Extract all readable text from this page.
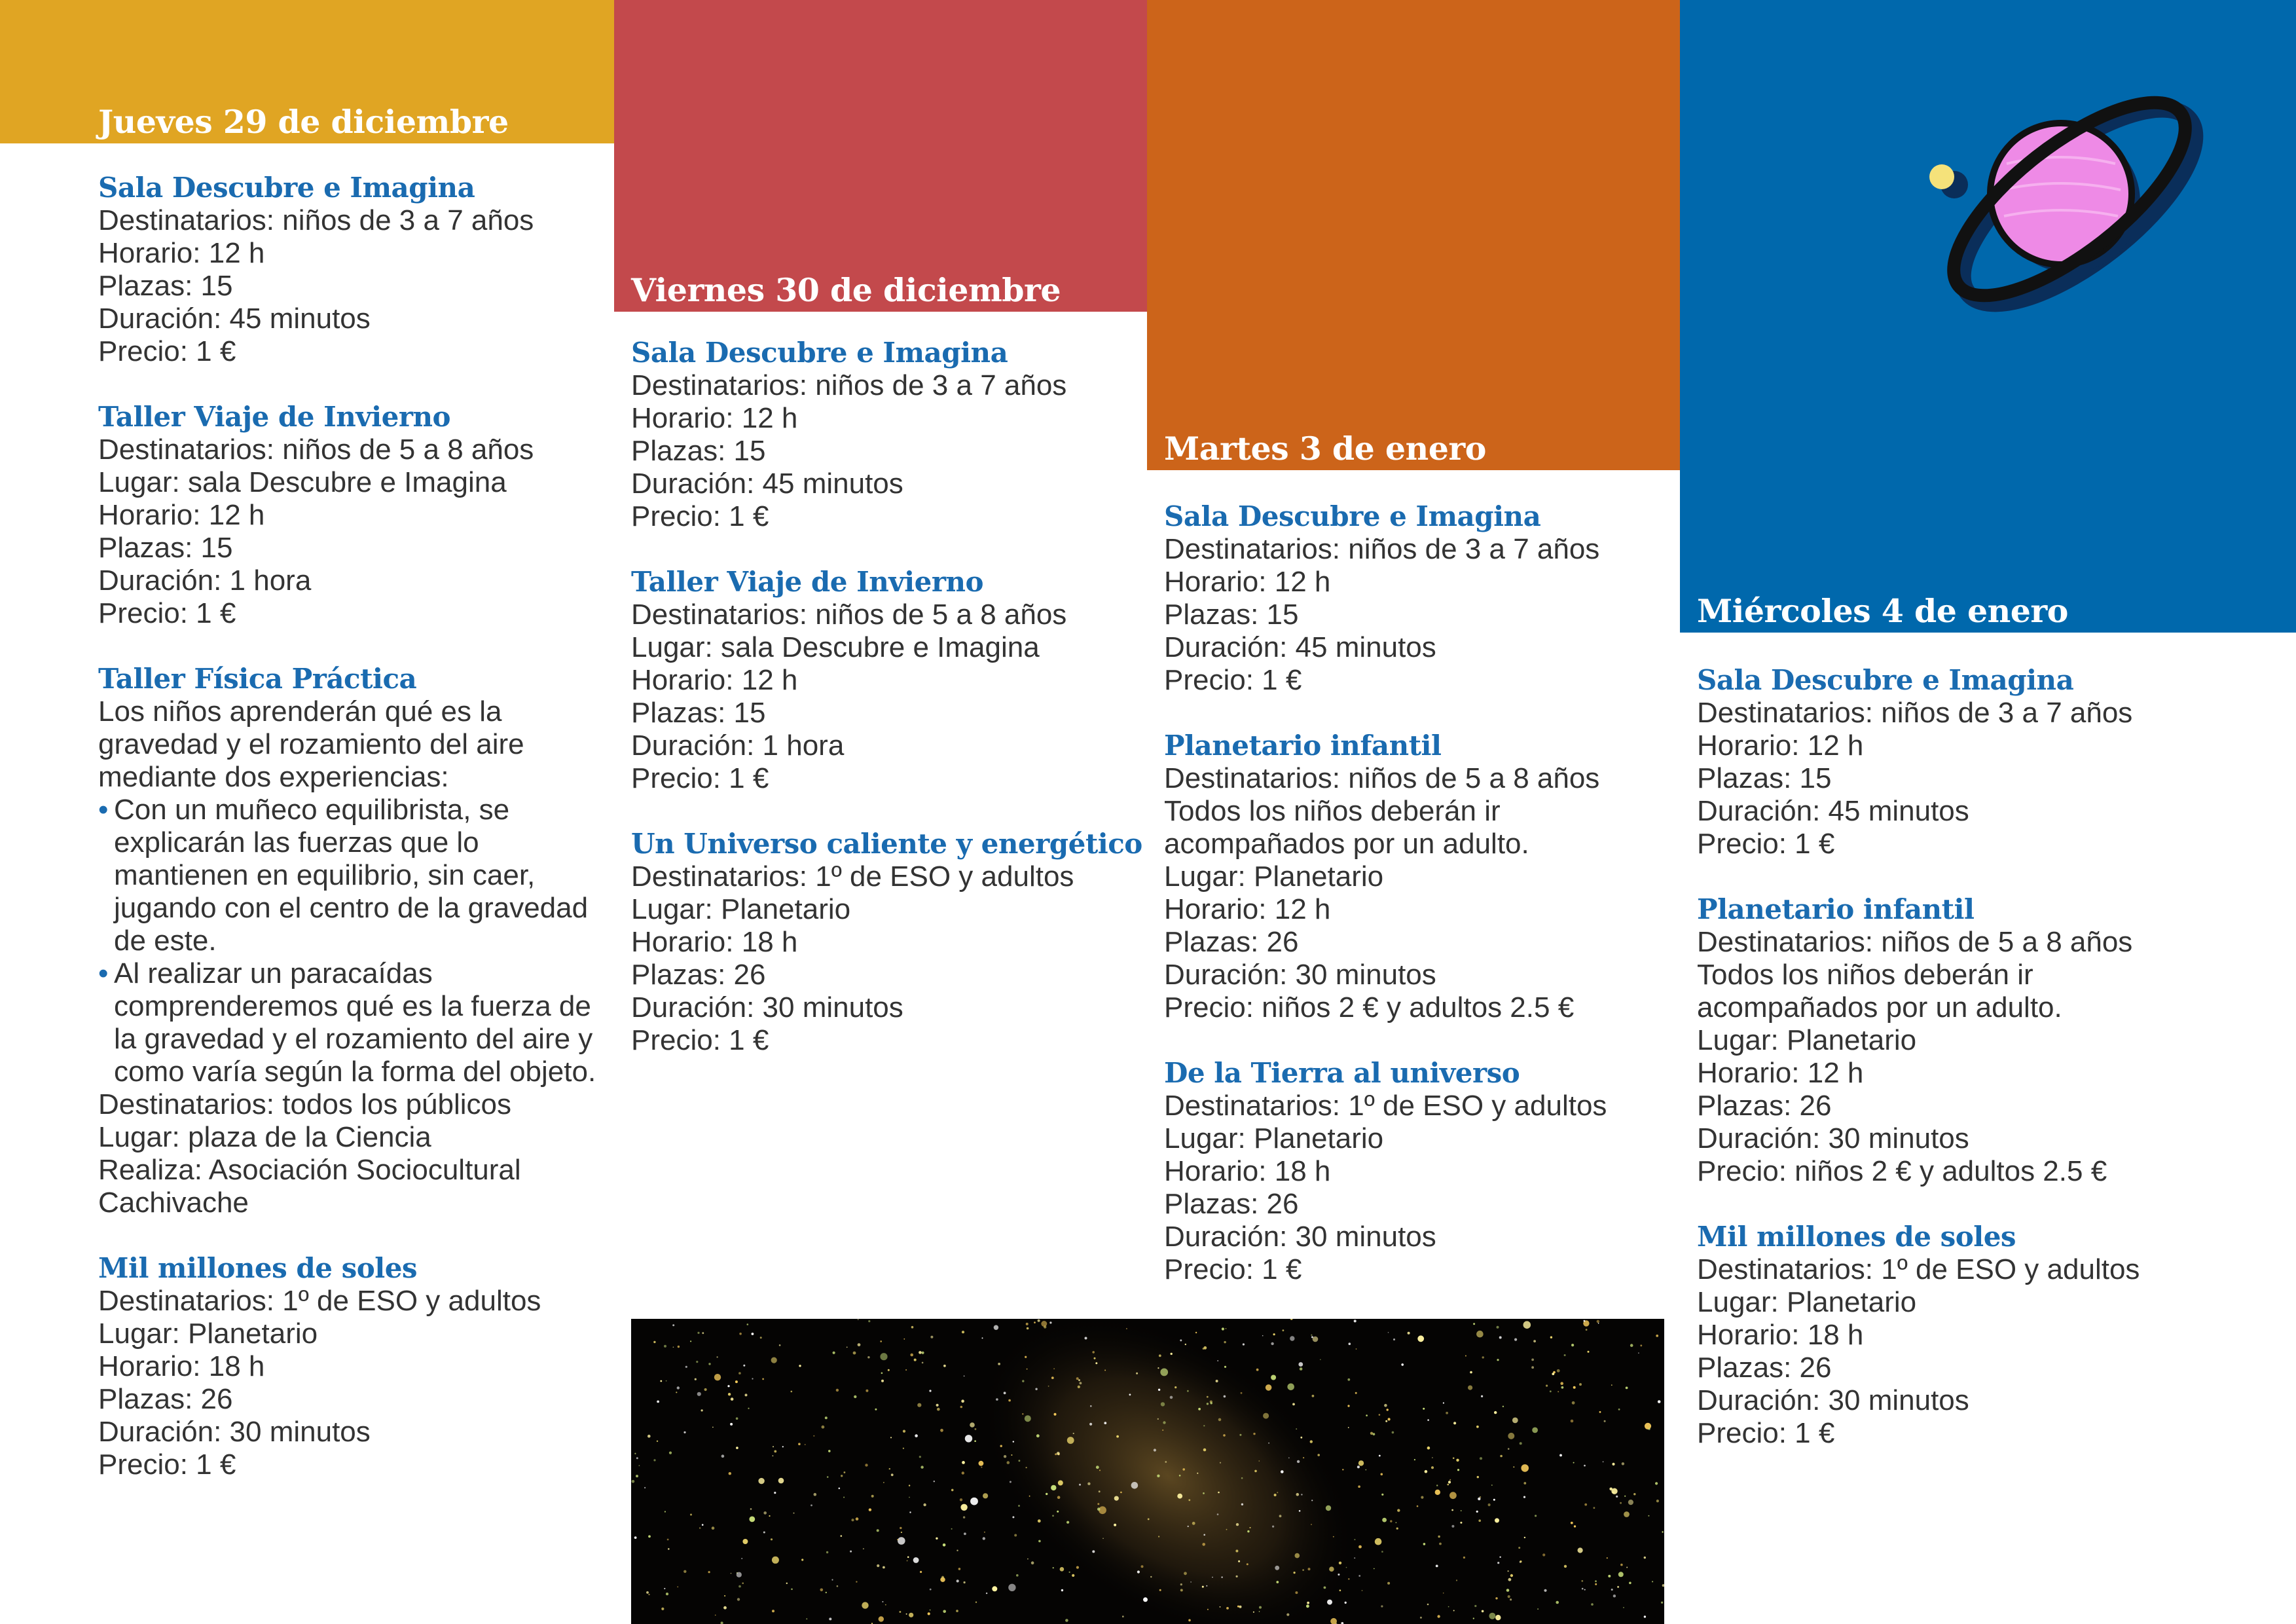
Jueves 29 de diciembre
Sala Descubre e Imagina
Destinatarios: niños de 3 a 7 años
Horario: 12 h
Plazas: 15
Duración: 45 minutos
Precio: 1 €
Taller Viaje de Invierno
Destinatarios: niños de 5 a 8 años
Lugar: sala Descubre e Imagina
Horario: 12 h
Plazas: 15
Duración: 1 hora
Precio: 1 €
Taller Física Práctica
Los niños aprenderán qué es la gravedad y el rozamiento del aire mediante dos experiencias:
• Con un muñeco equilibrista, se explicarán las fuerzas que lo mantienen en equilibrio, sin caer, jugando con el centro de la gravedad de este.
• Al realizar un paracaídas comprenderemos qué es la fuerza de la gravedad y el rozamiento del aire y como varía según la forma del objeto.
Destinatarios: todos los públicos
Lugar: plaza de la Ciencia
Realiza: Asociación Sociocultural Cachivache
Mil millones de soles
Destinatarios: 1º de ESO y adultos
Lugar: Planetario
Horario: 18 h
Plazas: 26
Duración: 30 minutos
Precio: 1 €
Viernes 30 de diciembre
Sala Descubre e Imagina
Destinatarios: niños de 3 a 7 años
Horario: 12 h
Plazas: 15
Duración: 45 minutos
Precio: 1 €
Taller Viaje de Invierno
Destinatarios: niños de 5 a 8 años
Lugar: sala Descubre e Imagina
Horario: 12 h
Plazas: 15
Duración: 1 hora
Precio: 1 €
Un Universo caliente y energético
Destinatarios: 1º de ESO y adultos
Lugar: Planetario
Horario: 18 h
Plazas: 26
Duración: 30 minutos
Precio: 1 €
Martes 3 de enero
Sala Descubre e Imagina
Destinatarios: niños de 3 a 7 años
Horario: 12 h
Plazas: 15
Duración: 45 minutos
Precio: 1 €
Planetario infantil
Destinatarios: niños de 5 a 8 años
Todos los niños deberán ir
acompañados por un adulto.
Lugar: Planetario
Horario: 12 h
Plazas: 26
Duración: 30 minutos
Precio: niños 2 € y adultos 2.5 €
De la Tierra al universo
Destinatarios: 1º de ESO y adultos
Lugar: Planetario
Horario: 18 h
Plazas: 26
Duración: 30 minutos
Precio: 1 €
Miércoles 4 de enero
Sala Descubre e Imagina
Destinatarios: niños de 3 a 7 años
Horario: 12 h
Plazas: 15
Duración: 45 minutos
Precio: 1 €
Planetario infantil
Destinatarios: niños de 5 a 8 años
Todos los niños deberán ir
acompañados por un adulto.
Lugar: Planetario
Horario: 12 h
Plazas: 26
Duración: 30 minutos
Precio: niños 2 € y adultos 2.5 €
Mil millones de soles
Destinatarios: 1º de ESO y adultos
Lugar: Planetario
Horario: 18 h
Plazas: 26
Duración: 30 minutos
Precio: 1 €
